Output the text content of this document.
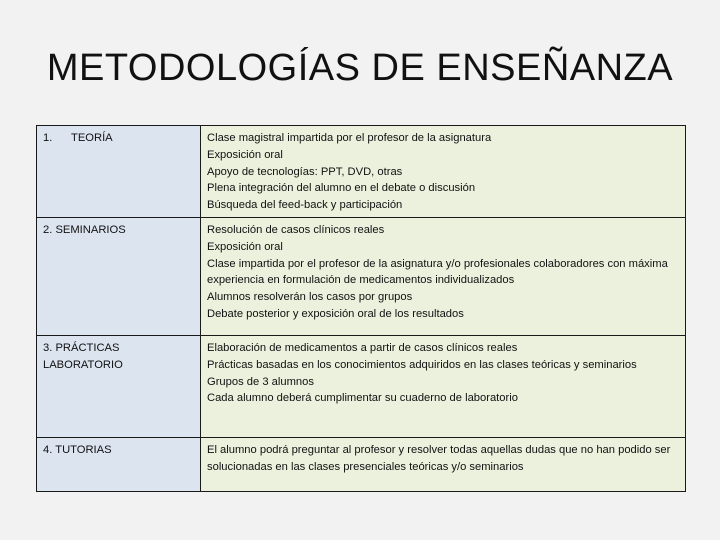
METODOLOGÍAS DE ENSEÑANZA
1. TEORÍA	Clase magistral impartida por el profesor de la asignatura
Exposición oral
Apoyo de tecnologías: PPT, DVD, otras
Plena integración del alumno en el debate o discusión
Búsqueda del feed-back y participación

2. SEMINARIOS	Resolución de casos clínicos reales
Exposición oral
Clase impartida por el profesor de la asignatura y/o profesionales colaboradores con máxima experiencia en formulación de medicamentos individualizados
Alumnos resolverán los casos por grupos
Debate posterior y exposición oral de los resultados

3. PRÁCTICAS LABORATORIO	Elaboración de medicamentos a partir de casos clínicos reales
Prácticas basadas en los conocimientos adquiridos en las clases teóricas y seminarios
Grupos de 3 alumnos
Cada alumno deberá cumplimentar su cuaderno de laboratorio

4. TUTORIAS	El alumno podrá preguntar al profesor y resolver todas aquellas dudas que no han podido ser solucionadas en las clases presenciales teóricas y/o seminarios
